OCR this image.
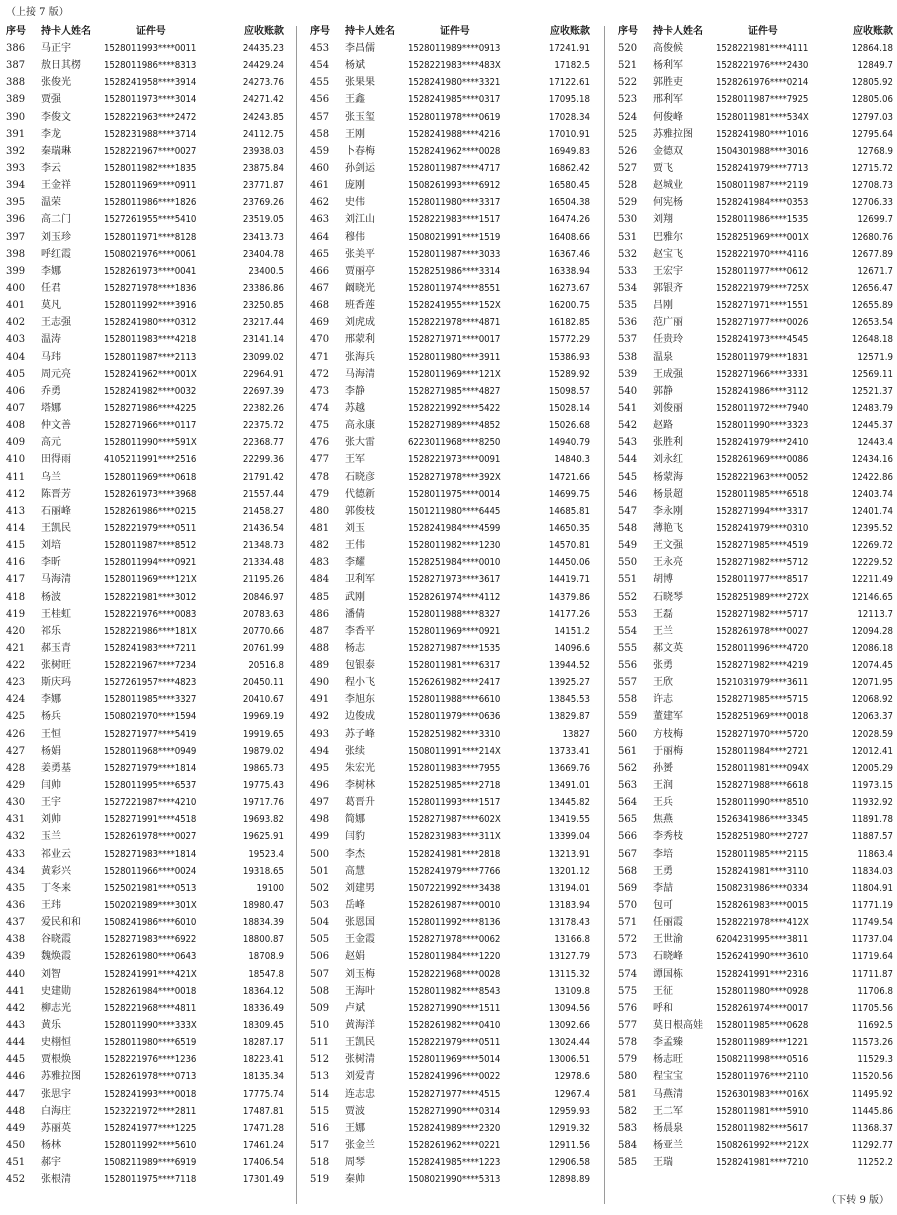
（上接 7 版）
序号 持卡人姓名	证件号	应收账款
386 马正宇	1528011993****0011	24435.23
387 敖日其楞 1528011986****8313	24429.24
388 张俊光	1528241958****3914	24273.76
389 贾强	1528011973****3014	24271.42
390 李俊文	1528221963****2472	24243.85
391 李龙	1528231988****3714	24112.75
392 秦瑞琳	1528221967****0027	23938.03
393 李云	1528011982****1835	23875.84
394 王金祥	1528011969****0911	23771.87
395 温荣	1528011986****1826	23769.26
396 高二门	1527261955****5410	23519.05
397 刘玉珍	1528011971****8128	23413.73
398 呼红霞	1508021976****0061	23404.78
399 李娜	1528261973****0041	23400.5
400 任君	1528271978****1836	23386.86
401 莫凡	1528011992****3916	23250.85
402 王志强	1528241980****0312	23217.44
403 温涛	1528011983****4218	23141.14
404 马玮	1528011987****2113	23099.02
405 周元亮	1528241962****001X	22964.91
406 乔勇	1528241982****0032	22697.39
407 塔娜	1528271986****4225	22382.26
408 仲文善	1528271966****0117	22375.72
409 高元	1528011990****591X	22368.77
410 田得雨	4105211991****2516	22299.36
411 乌兰	1528011969****0618	21791.42
412 陈晋芳	1528261973****3968	21557.44
413 石丽峰	1528261986****0215	21458.27
414 王凯民	1528221979****0511	21436.54
415 刘培	1528011987****8512	21348.73
416 李昕	1528011994****0921	21334.48
417 马海清	1528011969****121X	21195.26
418 杨波	1528221981****3012	20846.97
419 王桂虹	1528221976****0083	20783.63
420 祁乐	1528221986****181X	20770.66
421 郝玉青	1528241983****7211	20761.99
422 张树旺	1528221967****7234	20516.8
423 斯庆玛	1527261957****4823	20450.11
424 李娜	1528011985****3327	20410.67
425 杨兵	1508021970****1594	19969.19
426 王恒	1528271977****5419	19919.65
427 杨娟	1528011968****0949	19879.02
428 姜勇基	1528271979****1814	19865.73
429 闫帅	1528011995****6537	19775.43
430 王宇	1527221987****4210	19717.76
431 刘帅	1528271991****4518	19693.82
432 玉兰	1528261978****0027	19625.91
433 祁业云	1528271983****1814	19523.4
434 黄彩兴	1528011966****0024	19318.65
435 丁冬来	1525021981****0513	19100
436 王玮	1502021989****301X	18980.47
437 爱民和和 1508241986****6010	18834.39
438 谷晓霞	1528271983****6922	18800.87
439 魏焕霞	1528261980****0643	18708.9
440 刘智	1528241991****421X	18547.8
441 史建勋	1528261984****0018	18364.12
442 柳志光	1528221968****4811	18336.49
443 黄乐	1528011990****333X	18309.45
444 史栩恒	1528011980****6519	18287.17
445 贾根焕	1528221976****1236	18223.41
446 苏雅拉图 1528261978****0713	18135.34
447 张思宇	1528241993****0018	17775.74
448 白海庄	1523221972****2811	17487.81
449 苏丽英	1528241977****1225	17471.28
450 杨林	1528011992****5610	17461.24
451 郝宇	1508211989****6919	17406.54
452 张根清	1528011975****7118	17301.49
序号 持卡人姓名	证件号	应收账款
453 李昌儒	1528011989****0913	17241.91
454 杨斌	1528221983****483X	17182.5
455 张果果	1528241980****3321	17122.61
456 王鑫	1528241985****0317	17095.18
457 张玉玺	1528011978****0619	17028.34
458 王刚	1528241988****4216	17010.91
459 卜春梅	1528241962****0028	16949.83
460 孙剑运	1528011987****4717	16862.42
461 庞刚	1508261993****6912	16580.45
462 史伟	1528011980****3317	16504.38
463 刘江山	1528221983****1517	16474.26
464 穆伟	1508021991****1519	16408.66
465 张美平	1528011987****3033	16367.46
466 贾丽亭	1528251986****3314	16338.94
467 阚晓光	1528011974****8551	16273.67
468 班香莲	1528241955****152X	16200.75
469 刘虎成	1528221978****4871	16182.85
470 邢蒙利	1528271971****0017	15772.29
471 张海兵	1528011980****3911	15386.93
472 马海清	1528011969****121X	15289.92
473 李静	1528271985****4827	15098.57
474 苏越	1528221992****5422	15028.14
475 高永康	1528271989****4852	15026.68
476 张大雷	6223011968****8250	14940.79
477 王军	1528221973****0091	14840.3
478 石晓彦	1528271978****392X	14721.66
479 代德新	1528011975****0014	14699.75
480 郭俊枝	1501211980****6445	14685.81
481 刘玉	1528241984****4599	14650.35
482 王伟	1528011982****1230	14570.81
483 李耀	1528251984****0010	14450.06
484 卫利军	1528271973****3617	14419.71
485 武刚	1528261974****4112	14379.86
486 潘倩	1528011988****8327	14177.26
487 李香平	1528011969****0921	14151.2
488 杨志	1528271987****1535	14096.6
489 包银泰	1528011981****6317	13944.52
490 程小飞	1526261982****2417	13925.27
491 李旭东	1528011988****6610	13845.53
492 边俊成	1528011979****0636	13829.87
493 苏子峰	1528251982****3310	13827
494 张续	1508011991****214X	13733.41
495 朱宏光	1528011983****7955	13669.76
496 李树林	1528251985****2718	13491.01
497 葛晋升	1528011993****1517	13445.82
498 简娜	1528271987****602X	13419.55
499 闫豹	1528231983****311X	13399.04
500 李杰	1528241981****2818	13213.91
501 高慧	1528241979****7766	13201.12
502 刘建男	1507221992****3438	13194.01
503 岳峰	1528261987****0010	13183.94
504 张恩国	1528011992****8136	13178.43
505 王金霞	1528271978****0062	13166.8
506 赵娟	1528011984****1220	13127.79
507 刘玉梅	1528221968****0028	13115.32
508 王海叶	1528011982****8543	13109.8
509 卢斌	1528271990****1511	13094.56
510 黄海洋	1528261982****0410	13092.66
511 王凯民	1528221979****0511	13024.44
512 张树清	1528011969****5014	13006.51
513 刘爱青	1528241996****0022	12978.6
514 连志忠	1528271977****4515	12967.4
515 贾波	1528271990****0314	12959.93
516 王娜	1528241989****2320	12919.32
517 张金兰	1528261962****0221	12911.56
518 周琴	1528241985****1223	12906.58
519 秦帅	1508021990****5313	12898.89
序号 持卡人姓名	证件号	应收账款
520 高俊候	1528221981****4111	12864.18
521 杨利军	1528221976****2430	12849.7
522 郭胜吏	1528261976****0214	12805.92
523 邢利军	1528011987****7925	12805.06
524 何俊峰	1528011981****534X	12797.03
525 苏雅拉图 1528241980****1016	12795.64
526 金德双	1504301988****3016	12768.9
527 贾飞	1528241979****7713	12715.72
528 赵城业	1508011987****2119	12708.73
529 何宪杨	1528241984****0353	12706.33
530 刘翔	1528011986****1535	12699.7
531 巴雅尔	1528251969****001X	12680.76
532 赵宝飞	1528221970****4116	12677.89
533 王宏宇	1528011977****0612	12671.7
534 郭银齐	1528221979****725X	12656.47
535 吕刚	1528271971****1551	12655.89
536 范广丽	1528271977****0026	12653.54
537 任贵玲	1528241973****4545	12648.18
538 温泉	1528011979****1831	12571.9
539 王成强	1528271966****3331	12569.11
540 郭静	1528241986****3112	12521.37
541 刘俊丽	1528011972****7940	12483.79
542 赵路	1528011990****3323	12445.37
543 张胜利	1528241979****2410	12443.4
544 刘永红	1528261969****0086	12434.16
545 杨蒙海	1528221963****0052	12422.86
546 杨景超	1528011985****6518	12403.74
547 李永刚	1528271994****3317	12401.74
548 薄艳飞	1528241979****0310	12395.52
549 王文强	1528271985****4519	12269.72
550 王永亮	1528271982****5712	12229.52
551 胡博	1528011977****8517	12211.49
552 石晓琴	1528251989****272X	12146.65
553 王磊	1528271982****5717	12113.7
554 王兰	1528261978****0027	12094.28
555 郝文英	1528011996****4720	12086.18
556 张勇	1528271982****4219	12074.45
557 王欣	1521031979****3611	12071.95
558 许志	1528271985****5715	12068.92
559 董建军	1528251969****0018	12063.37
560 方枝梅	1528271970****5720	12028.59
561 于丽梅	1528011984****2721	12012.41
562 孙赟	1528011981****094X	12005.29
563 王润	1528271988****6618	11973.15
564 王兵	1528011990****8510	11932.92
565 焦燕	1526341986****3345	11891.78
566 李秀枝	1528251980****2727	11887.57
567 李培	1528011985****2115	11863.4
568 王勇	1528241981****3110	11834.03
569 李喆	1508231986****0334	11804.91
570 包可	1528261983****0015	11771.19
571 任丽霞	1528221978****412X	11749.54
572 王世渝	6204231995****3811	11737.04
573 石晓峰	1526241990****3610	11719.64
574 谭国栋	1528241991****2316	11711.87
575 王征	1528011980****0928	11706.8
576 呼和	1528261974****0017	11705.56
577 莫日根高娃 1528011985****0628	11692.5
578 李孟臻	1528011989****1221	11573.26
579 杨志旺	1508211998****0516	11529.3
580 程宝宝	1528011976****2110	11520.56
581 马燕清	1526301983****016X	11495.92
582 王二军	1528011981****5910	11445.86
583 杨晨泉	1528011982****5617	11368.37
584 杨亚兰	1508261992****212X	11292.77
585 王瑞	1528241981****7210	11252.2
（下转 9 版）
